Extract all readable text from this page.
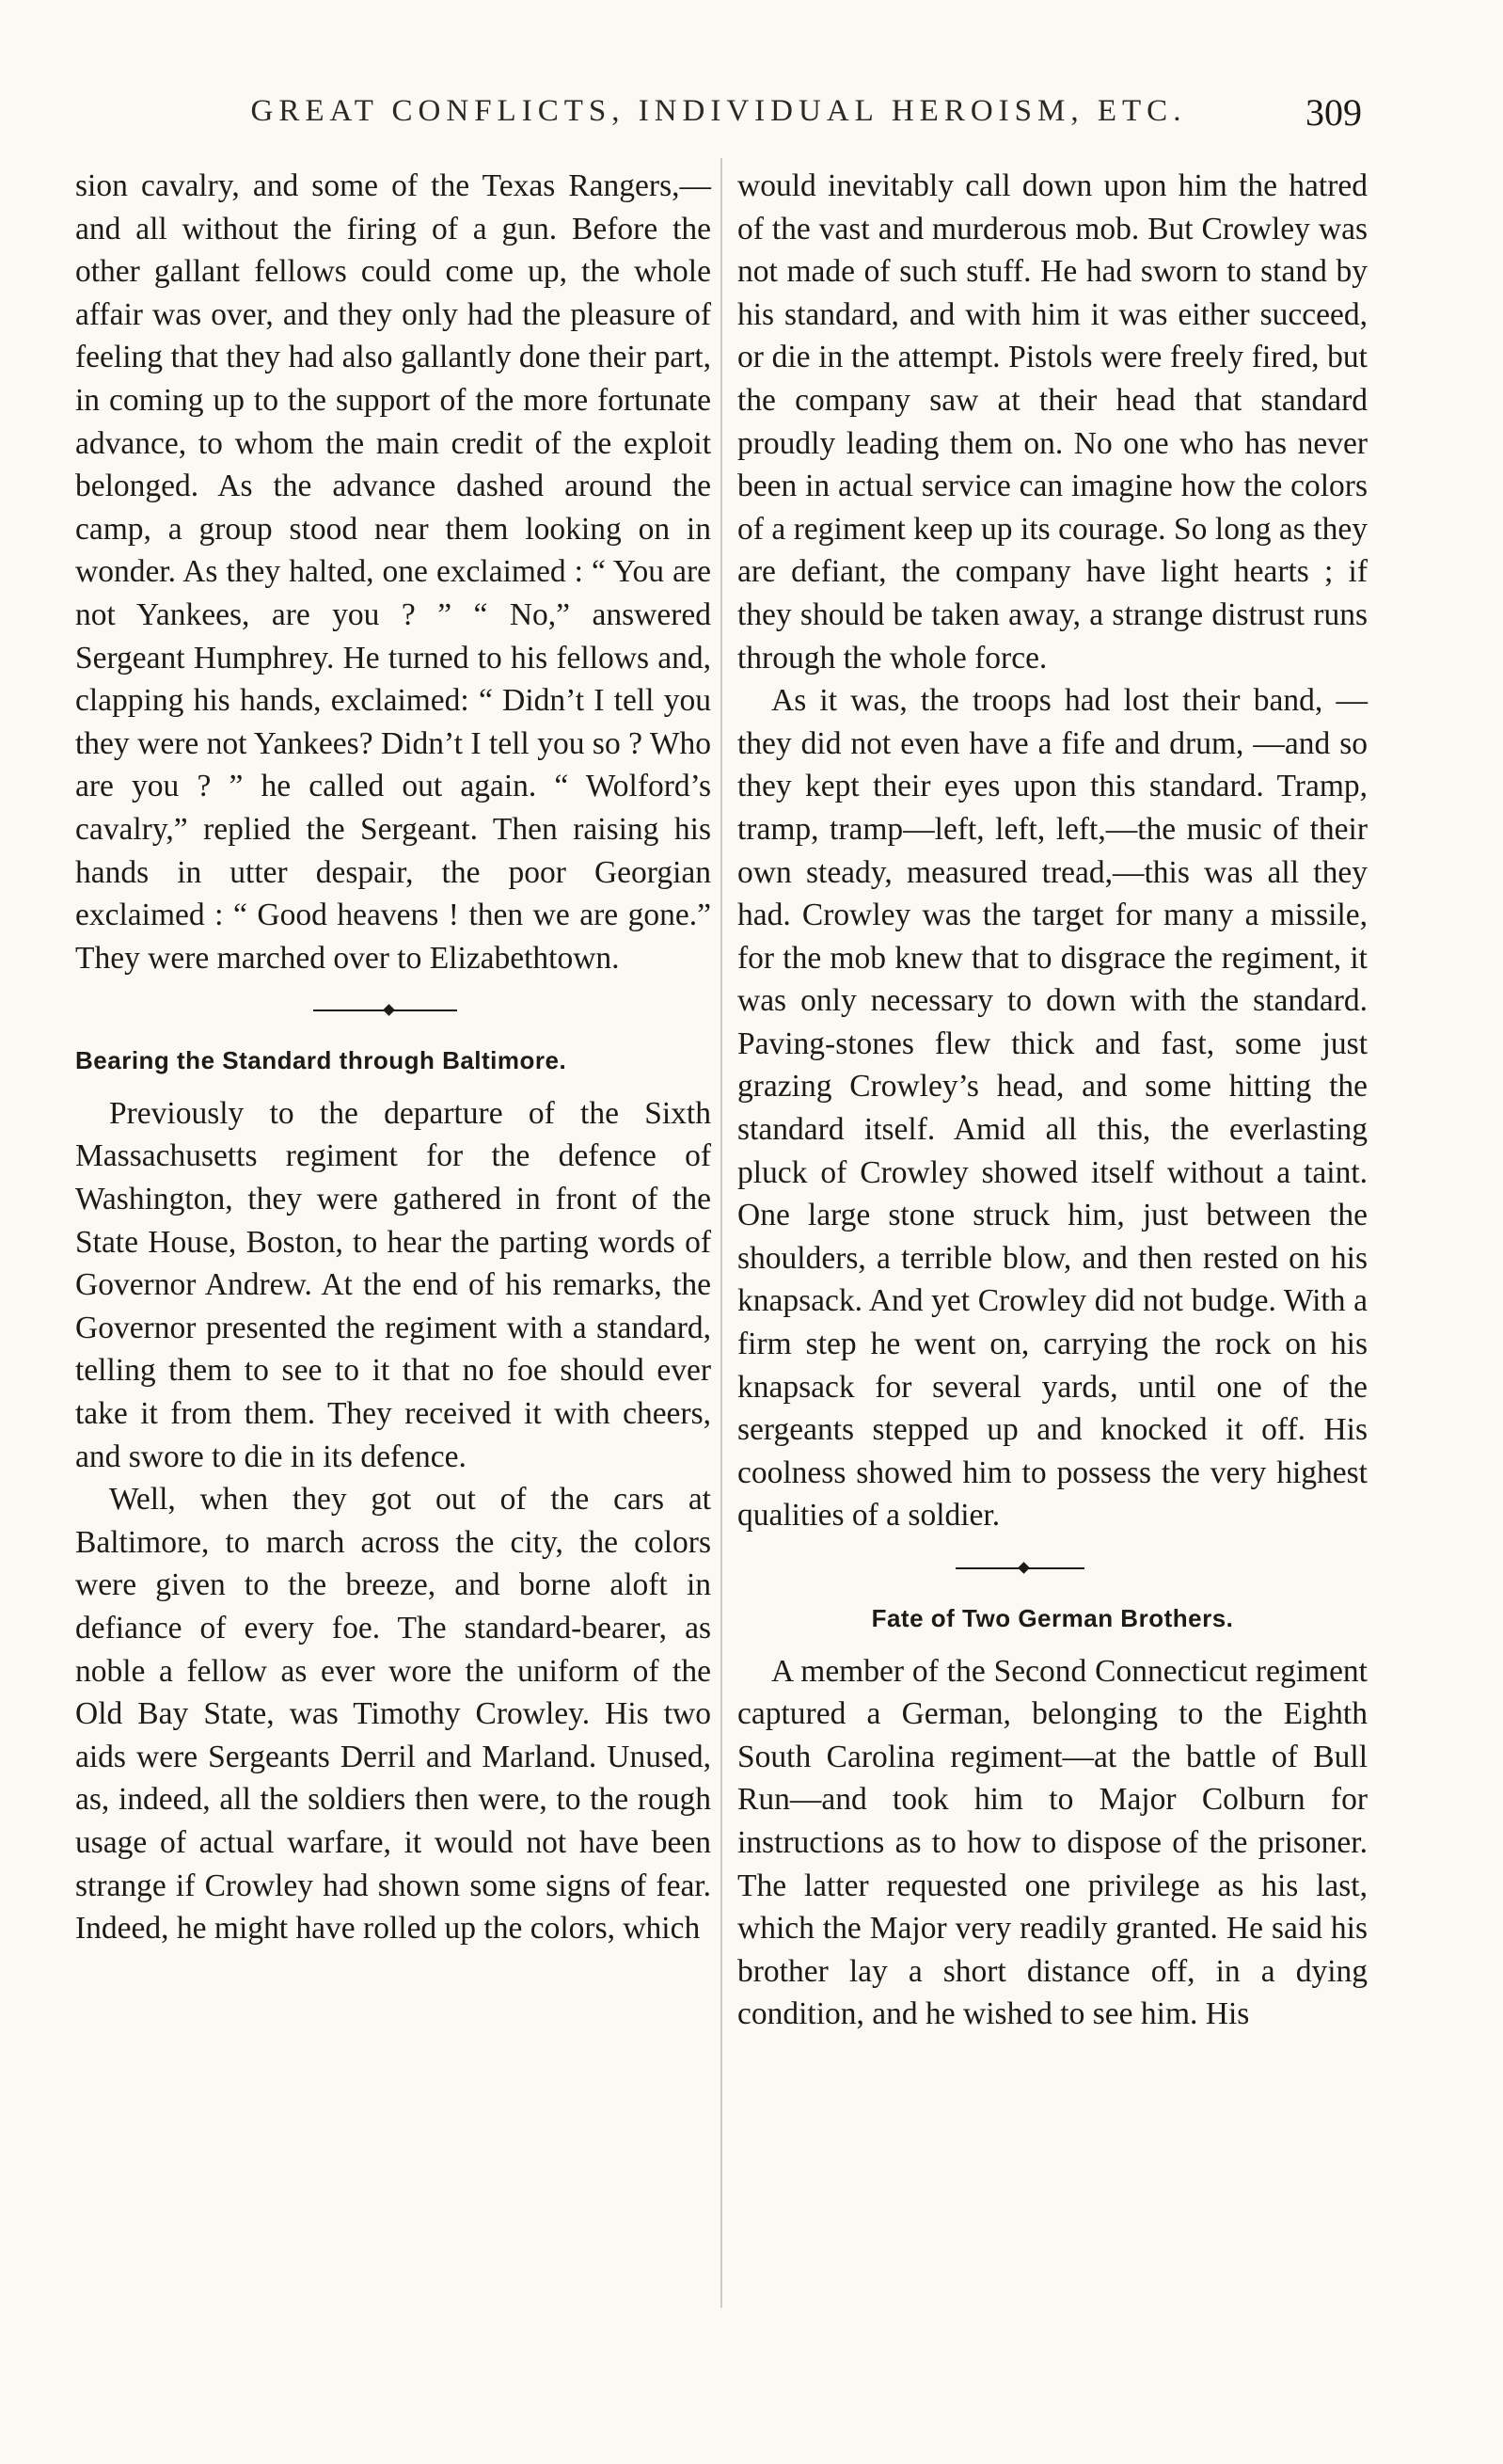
GREAT CONFLICTS, INDIVIDUAL HEROISM, ETC.	309

sion cavalry, and some of the Texas Rangers,—and all without the firing of a gun. Before the other gallant fellows could come up, the whole affair was over, and they only had the pleasure of feeling that they had also gallantly done their part, in coming up to the support of the more fortunate advance, to whom the main credit of the exploit belonged. As the advance dashed around the camp, a group stood near them looking on in wonder. As they halted, one exclaimed : “ You are not Yankees, are you ? ” “ No,” answered Sergeant Humphrey. He turned to his fellows and, clapping his hands, exclaimed: “ Didn’t I tell you they were not Yankees? Didn’t I tell you so ? Who are you ? ” he called out again. “ Wolford’s cavalry,” replied the Sergeant. Then raising his hands in utter despair, the poor Georgian exclaimed : “ Good heavens ! then we are gone.” They were marched over to Elizabethtown.

Bearing the Standard through Baltimore.

Previously to the departure of the Sixth Massachusetts regiment for the defence of Washington, they were gathered in front of the State House, Boston, to hear the parting words of Governor Andrew. At the end of his remarks, the Governor presented the regiment with a standard, telling them to see to it that no foe should ever take it from them. They received it with cheers, and swore to die in its defence.

Well, when they got out of the cars at Baltimore, to march across the city, the colors were given to the breeze, and borne aloft in defiance of every foe. The standard-bearer, as noble a fellow as ever wore the uniform of the Old Bay State, was Timothy Crowley. His two aids were Sergeants Derril and Marland. Unused, as, indeed, all the soldiers then were, to the rough usage of actual warfare, it would not have been strange if Crowley had shown some signs of fear. Indeed, he might have rolled up the colors, which

would inevitably call down upon him the hatred of the vast and murderous mob. But Crowley was not made of such stuff. He had sworn to stand by his standard, and with him it was either succeed, or die in the attempt. Pistols were freely fired, but the company saw at their head that standard proudly leading them on. No one who has never been in actual service can imagine how the colors of a regiment keep up its courage. So long as they are defiant, the company have light hearts ; if they should be taken away, a strange distrust runs through the whole force.

As it was, the troops had lost their band, —they did not even have a fife and drum, —and so they kept their eyes upon this standard. Tramp, tramp, tramp—left, left, left,—the music of their own steady, measured tread,—this was all they had. Crowley was the target for many a missile, for the mob knew that to disgrace the regiment, it was only necessary to down with the standard. Paving-stones flew thick and fast, some just grazing Crowley’s head, and some hitting the standard itself. Amid all this, the everlasting pluck of Crowley showed itself without a taint. One large stone struck him, just between the shoulders, a terrible blow, and then rested on his knapsack. And yet Crowley did not budge. With a firm step he went on, carrying the rock on his knapsack for several yards, until one of the sergeants stepped up and knocked it off. His coolness showed him to possess the very highest qualities of a soldier.

Fate of Two German Brothers.

A member of the Second Connecticut regiment captured a German, belonging to the Eighth South Carolina regiment—at the battle of Bull Run—and took him to Major Colburn for instructions as to how to dispose of the prisoner. The latter requested one privilege as his last, which the Major very readily granted. He said his brother lay a short distance off, in a dying condition, and he wished to see him. His
